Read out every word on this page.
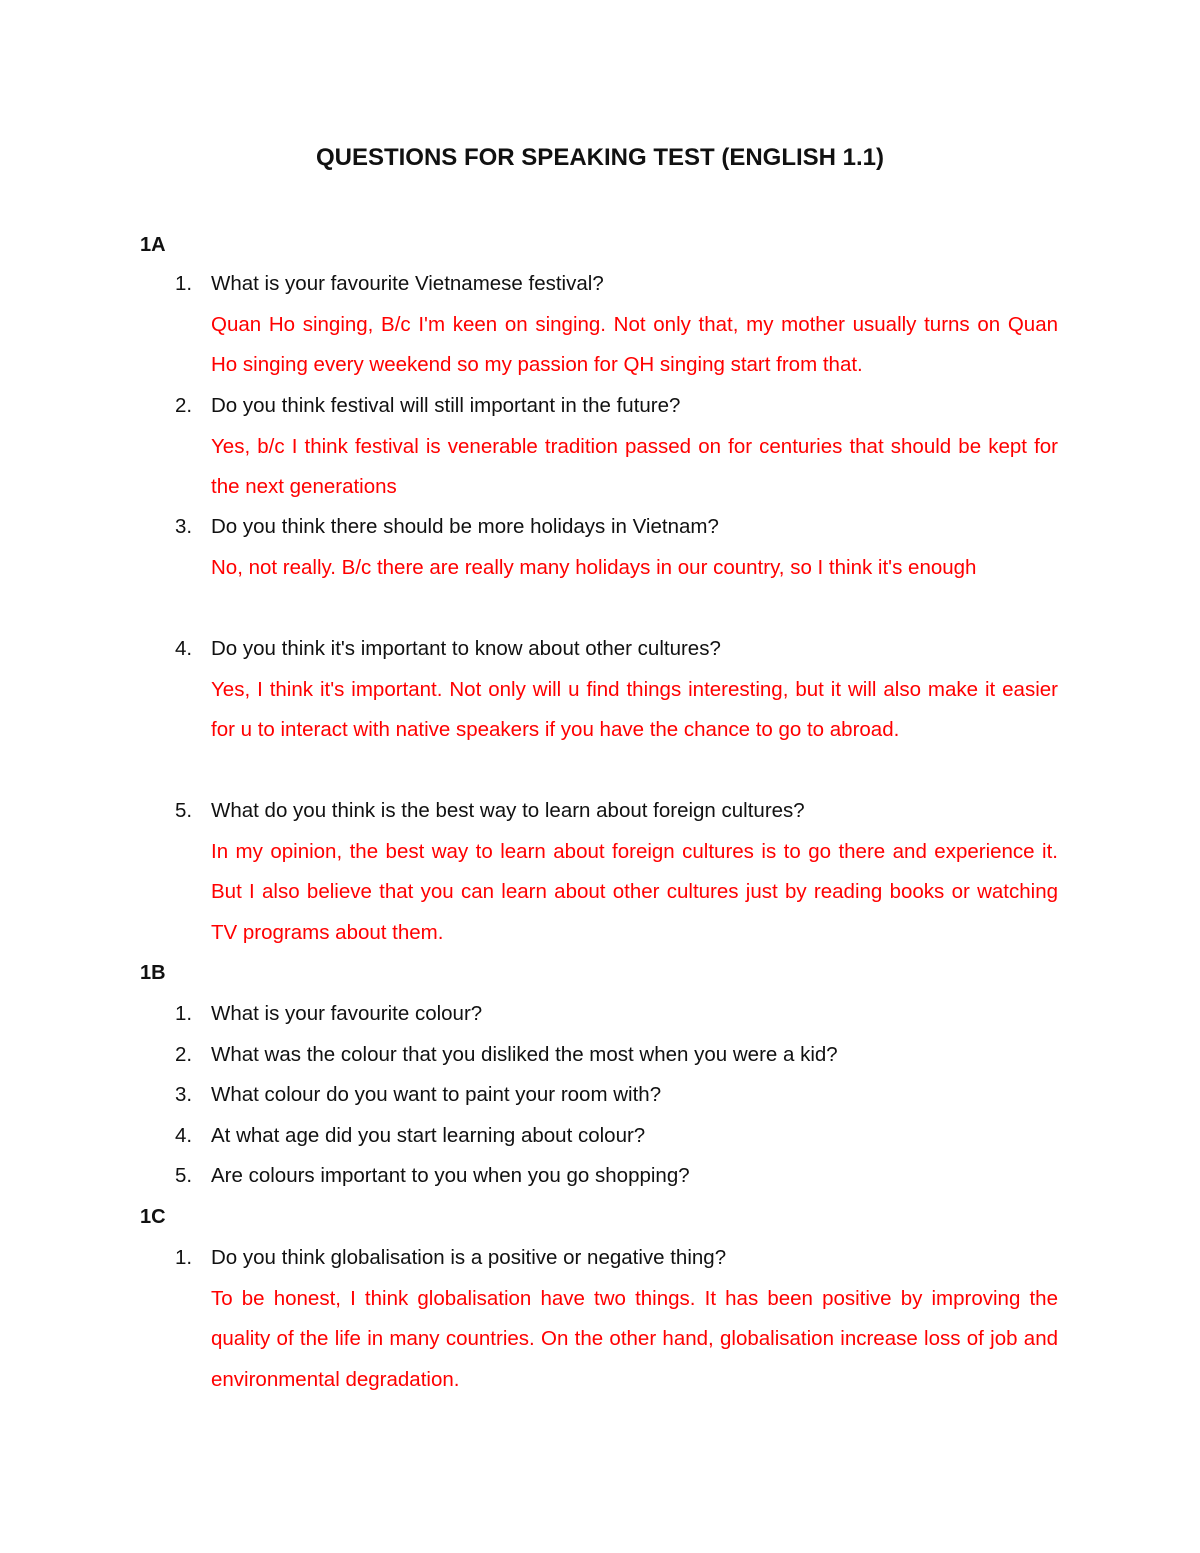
QUESTIONS FOR SPEAKING TEST (ENGLISH 1.1)
1A
1. What is your favourite Vietnamese festival?
Quan Ho singing, B/c I'm keen on singing. Not only that, my mother usually turns on Quan Ho singing every weekend so my passion for QH singing start from that.
2. Do you think festival will still important in the future?
Yes, b/c I think festival is venerable tradition passed on for centuries that should be kept for the next generations
3. Do you think there should be more holidays in Vietnam?
No, not really. B/c there are really many holidays in our country, so I think it's enough
4. Do you think it's important to know about other cultures?
Yes, I think it's important. Not only will u find things interesting, but it will also make it easier for u to interact with native speakers if you have the chance to go to abroad.
5. What do you think is the best way to learn about foreign cultures?
In my opinion, the best way to learn about foreign cultures is to go there and experience it. But I also believe that you can learn about other cultures just by reading books or watching TV programs about them.
1B
1. What is your favourite colour?
2. What was the colour that you disliked the most when you were a kid?
3. What colour do you want to paint your room with?
4. At what age did you start learning about colour?
5. Are colours important to you when you go shopping?
1C
1. Do you think globalisation is a positive or negative thing?
To be honest, I think globalisation have two things. It has been positive by improving the quality of the life in many countries. On the other hand, globalisation increase loss of job and environmental degradation.
